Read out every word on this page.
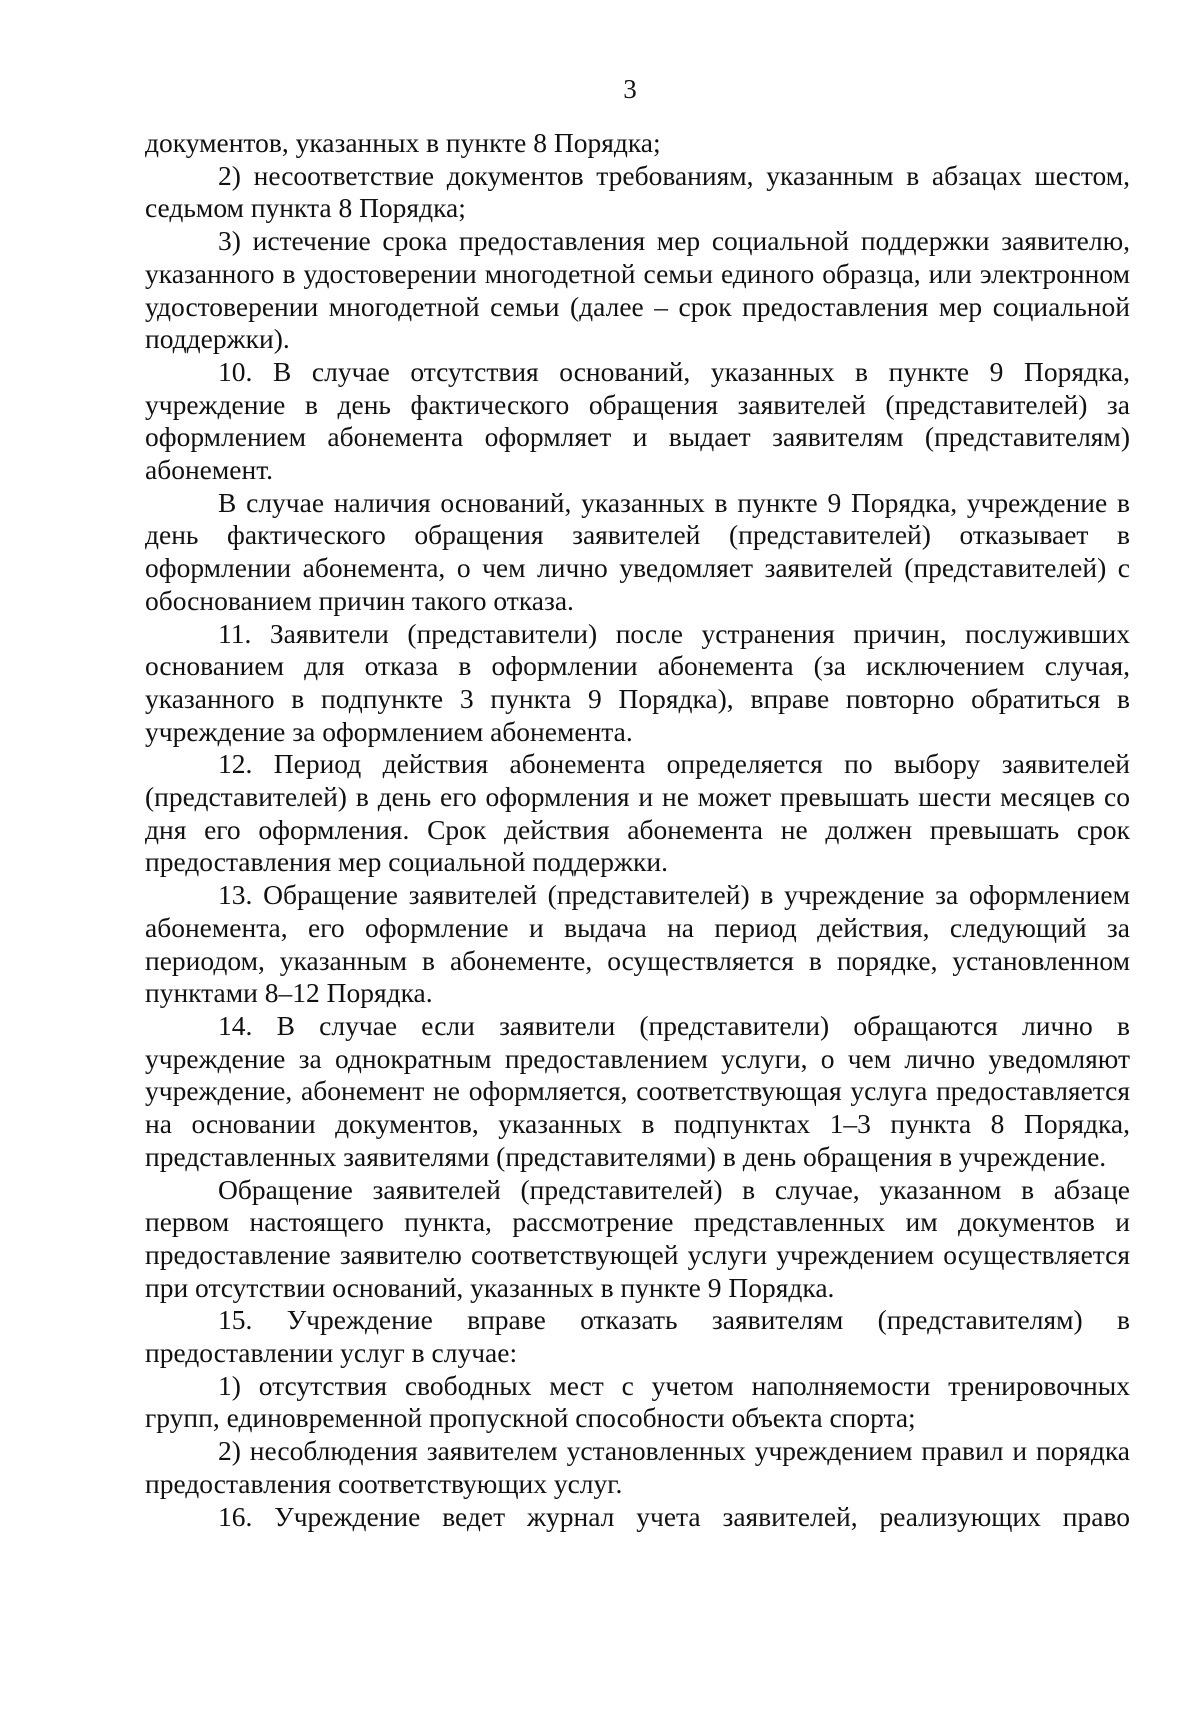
3

документов, указанных в пункте 8 Порядка;

2) несоответствие документов требованиям, указанным в абзацах шестом, седьмом пункта 8 Порядка;

3) истечение срока предоставления мер социальной поддержки заявителю, указанного в удостоверении многодетной семьи единого образца, или электронном удостоверении многодетной семьи (далее – срок предоставления мер социальной поддержки).

10. В случае отсутствия оснований, указанных в пункте 9 Порядка, учреждение в день фактического обращения заявителей (представителей) за оформлением абонемента оформляет и выдает заявителям (представителям) абонемент.

В случае наличия оснований, указанных в пункте 9 Порядка, учреждение в день фактического обращения заявителей (представителей) отказывает в оформлении абонемента, о чем лично уведомляет заявителей (представителей) с обоснованием причин такого отказа.

11. Заявители (представители) после устранения причин, послуживших основанием для отказа в оформлении абонемента (за исключением случая, указанного в подпункте 3 пункта 9 Порядка), вправе повторно обратиться в учреждение за оформлением абонемента.

12. Период действия абонемента определяется по выбору заявителей (представителей) в день его оформления и не может превышать шести месяцев со дня его оформления. Срок действия абонемента не должен превышать срок предоставления мер социальной поддержки.

13. Обращение заявителей (представителей) в учреждение за оформлением абонемента, его оформление и выдача на период действия, следующий за периодом, указанным в абонементе, осуществляется в порядке, установленном пунктами 8–12 Порядка.

14. В случае если заявители (представители) обращаются лично в учреждение за однократным предоставлением услуги, о чем лично уведомляют учреждение, абонемент не оформляется, соответствующая услуга предоставляется на основании документов, указанных в подпунктах 1–3 пункта 8 Порядка, представленных заявителями (представителями) в день обращения в учреждение.

Обращение заявителей (представителей) в случае, указанном в абзаце первом настоящего пункта, рассмотрение представленных им документов и предоставление заявителю соответствующей услуги учреждением осуществляется при отсутствии оснований, указанных в пункте 9 Порядка.

15. Учреждение вправе отказать заявителям (представителям) в предоставлении услуг в случае:

1) отсутствия свободных мест с учетом наполняемости тренировочных групп, единовременной пропускной способности объекта спорта;

2) несоблюдения заявителем установленных учреждением правил и порядка предоставления соответствующих услуг.

16. Учреждение ведет журнал учета заявителей, реализующих право
